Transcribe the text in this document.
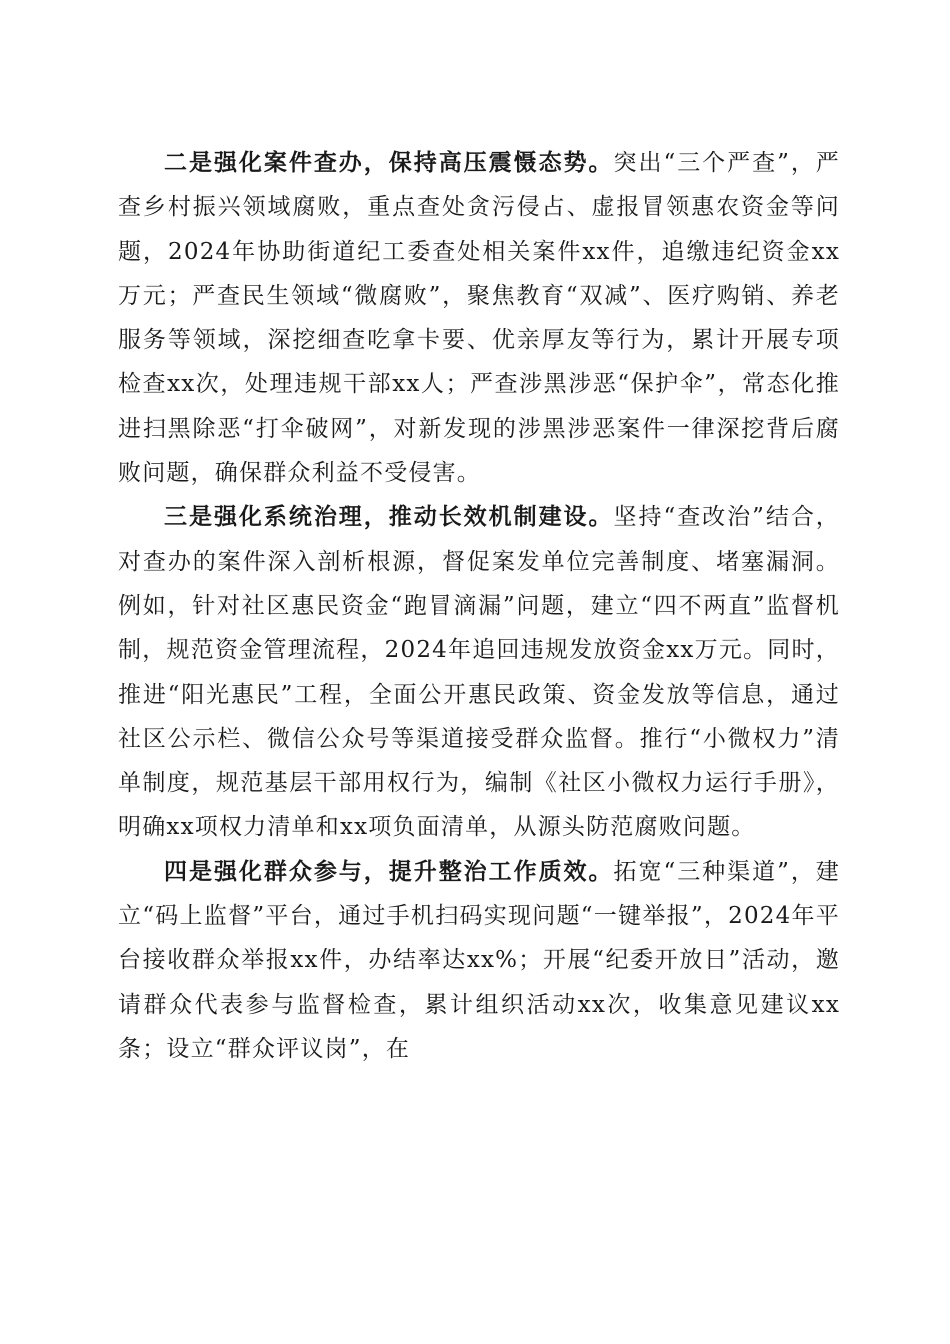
二是强化案件查办，保持高压震慑态势。突出“三个严查”，严查乡村振兴领域腐败，重点查处贪污侵占、虚报冒领惠农资金等问题，2024年协助街道纪工委查处相关案件xx件，追缴违纪资金xx万元；严查民生领域“微腐败”，聚焦教育“双减”、医疗购销、养老服务等领域，深挖细查吃拿卡要、优亲厚友等行为，累计开展专项检查xx次，处理违规干部xx人；严查涉黑涉恶“保护伞”，常态化推进扫黑除恶“打伞破网”，对新发现的涉黑涉恶案件一律深挖背后腐败问题，确保群众利益不受侵害。

三是强化系统治理，推动长效机制建设。坚持“查改治”结合，对查办的案件深入剖析根源，督促案发单位完善制度、堵塞漏洞。例如，针对社区惠民资金“跑冒滴漏”问题，建立“四不两直”监督机制，规范资金管理流程，2024年追回违规发放资金xx万元。同时，推进“阳光惠民”工程，全面公开惠民政策、资金发放等信息，通过社区公示栏、微信公众号等渠道接受群众监督。推行“小微权力”清单制度，规范基层干部用权行为，编制《社区小微权力运行手册》，明确xx项权力清单和xx项负面清单，从源头防范腐败问题。

四是强化群众参与，提升整治工作质效。拓宽“三种渠道”，建立“码上监督”平台，通过手机扫码实现问题“一键举报”，2024年平台接收群众举报xx件，办结率达xx%；开展“纪委开放日”活动，邀请群众代表参与监督检查，累计组织活动xx次，收集意见建议xx条；设立“群众评议岗”，在
